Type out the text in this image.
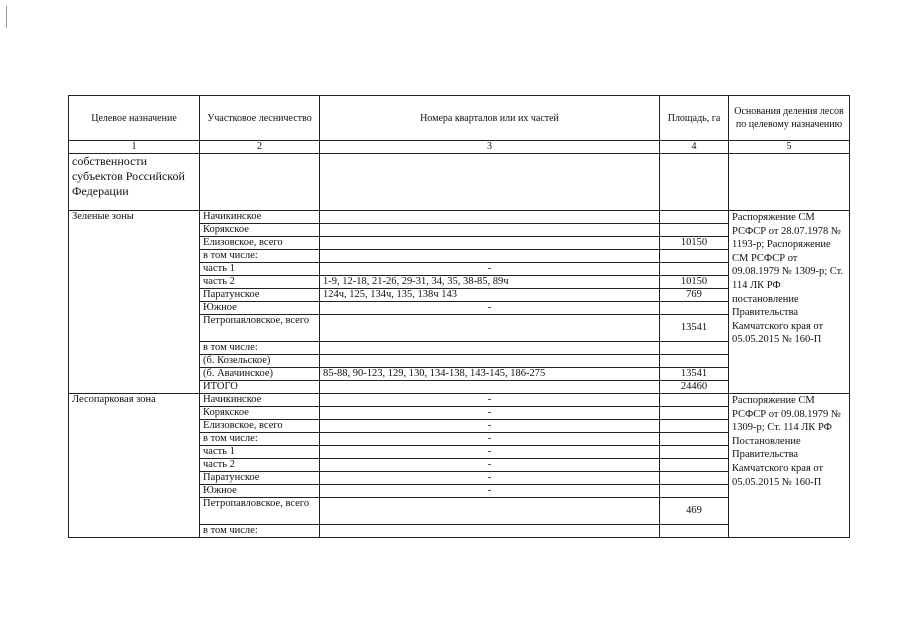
Целевое назначение	Участковое лесничество	Номера кварталов или их частей	Площадь, га	Основания деления лесов по целевому назначению
1	2	3	4	5
собственности субъектов Российской Федерации				
Зеленые зоны	Начикинское			Распоряжение СМ РСФСР от 28.07.1978 № 1193-р; Распоряжение СМ РСФСР от 09.08.1979 № 1309-р; Ст. 114 ЛК РФ постановление Правительства Камчатского края от 05.05.2015 № 160-П
	Корякское			
	Елизовское, всего		10150	
	в том числе:			
	часть 1	-		
	часть 2	1-9, 12-18, 21-26, 29-31, 34, 35, 38-85, 89ч	10150	
	Паратунское	124ч, 125, 134ч, 135, 138ч 143	769	
	Южное	-		
	Петропавловское, всего		13541	
	в том числе:			
	(б. Козельское)			
	(б. Авачинское)	85-88, 90-123, 129, 130, 134-138, 143-145, 186-275	13541	
	ИТОГО		24460	
Лесопарковая зона	Начикинское	-		Распоряжение СМ РСФСР от 09.08.1979 № 1309-р; Ст. 114 ЛК РФ Постановление Правительства Камчатского края от 05.05.2015 № 160-П
	Корякское	-		
	Елизовское, всего	-		
	в том числе:	-		
	часть 1	-		
	часть 2	-		
	Паратунское	-		
	Южное	-		
	Петропавловское, всего		469	
	в том числе:			
